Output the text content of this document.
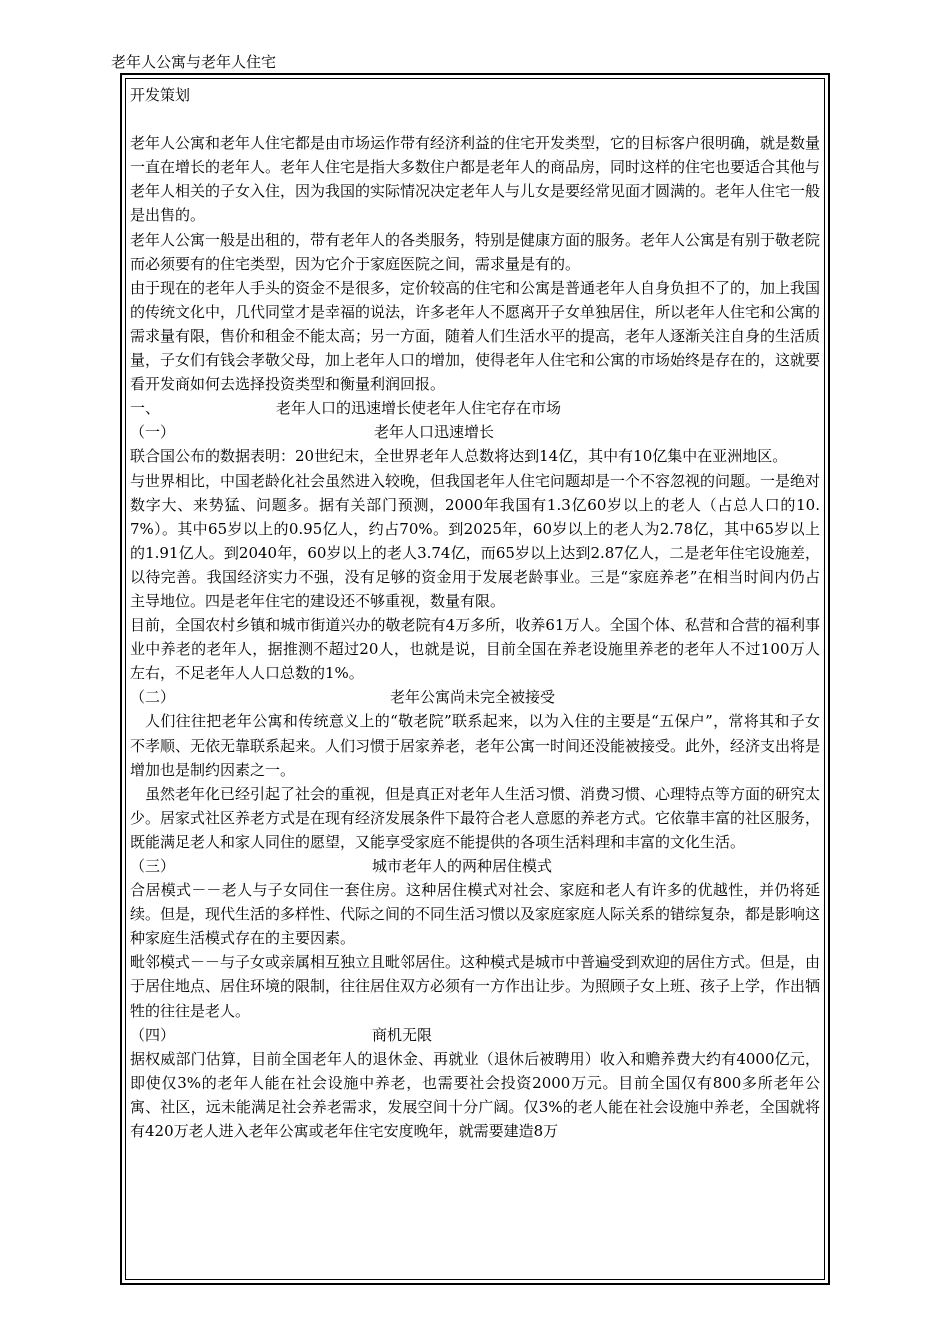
老年人公寓与老年人住宅

开发策划

老年人公寓和老年人住宅都是由市场运作带有经济利益的住宅开发类型，它的目标客户很明确，就是数量一直在增长的老年人。老年人住宅是指大多数住户都是老年人的商品房，同时这样的住宅也要适合其他与老年人相关的子女入住，因为我国的实际情况决定老年人与儿女是要经常见面才圆满的。老年人住宅一般是出售的。

老年人公寓一般是出租的，带有老年人的各类服务，特别是健康方面的服务。老年人公寓是有别于敬老院而必须要有的住宅类型，因为它介于家庭医院之间，需求量是有的。

由于现在的老年人手头的资金不是很多，定价较高的住宅和公寓是普通老年人自身负担不了的，加上我国的传统文化中，几代同堂才是幸福的说法，许多老年人不愿离开子女单独居住，所以老年人住宅和公寓的需求量有限，售价和租金不能太高；另一方面，随着人们生活水平的提高，老年人逐渐关注自身的生活质量，子女们有钱会孝敬父母，加上老年人口的增加，使得老年人住宅和公寓的市场始终是存在的，这就要看开发商如何去选择投资类型和衡量利润回报。

一、	老年人口的迅速增长使老年人住宅存在市场
（一）	老年人口迅速增长

联合国公布的数据表明：20世纪末，全世界老年人总数将达到14亿，其中有10亿集中在亚洲地区。

与世界相比，中国老龄化社会虽然进入较晚，但我国老年人住宅问题却是一个不容忽视的问题。一是绝对数字大、来势猛、问题多。据有关部门预测，2000年我国有1.3亿60岁以上的老人（占总人口的10.7%）。其中65岁以上的0.95亿人，约占70%。到2025年，60岁以上的老人为2.78亿，其中65岁以上的1.91亿人。到2040年，60岁以上的老人3.74亿，而65岁以上达到2.87亿人，二是老年住宅设施差，以待完善。我国经济实力不强，没有足够的资金用于发展老龄事业。三是“家庭养老”在相当时间内仍占主导地位。四是老年住宅的建设还不够重视，数量有限。

目前，全国农村乡镇和城市街道兴办的敬老院有4万多所，收养61万人。全国个体、私营和合营的福利事业中养老的老年人，据推测不超过20人，也就是说，目前全国在养老设施里养老的老年人不过100万人左右，不足老年人人口总数的1%。

（二）	老年公寓尚未完全被接受

人们往往把老年公寓和传统意义上的“敬老院”联系起来，以为入住的主要是“五保户”，常将其和子女不孝顺、无依无靠联系起来。人们习惯于居家养老，老年公寓一时间还没能被接受。此外，经济支出将是增加也是制约因素之一。

虽然老年化已经引起了社会的重视，但是真正对老年人生活习惯、消费习惯、心理特点等方面的研究太少。居家式社区养老方式是在现有经济发展条件下最符合老人意愿的养老方式。它依靠丰富的社区服务，既能满足老人和家人同住的愿望，又能享受家庭不能提供的各项生活料理和丰富的文化生活。

（三）	城市老年人的两种居住模式

合居模式－－老人与子女同住一套住房。这种居住模式对社会、家庭和老人有许多的优越性，并仍将延续。但是，现代生活的多样性、代际之间的不同生活习惯以及家庭家庭人际关系的错综复杂，都是影响这种家庭生活模式存在的主要因素。

毗邻模式－－与子女或亲属相互独立且毗邻居住。这种模式是城市中普遍受到欢迎的居住方式。但是，由于居住地点、居住环境的限制，往往居住双方必须有一方作出让步。为照顾子女上班、孩子上学，作出牺牲的往往是老人。

（四）	商机无限

据权威部门估算，目前全国老年人的退休金、再就业（退休后被聘用）收入和赡养费大约有4000亿元，即使仅3%的老年人能在社会设施中养老，也需要社会投资2000万元。目前全国仅有800多所老年公寓、社区，远未能满足社会养老需求，发展空间十分广阔。仅3%的老人能在社会设施中养老，全国就将有420万老人进入老年公寓或老年住宅安度晚年，就需要建造8万
